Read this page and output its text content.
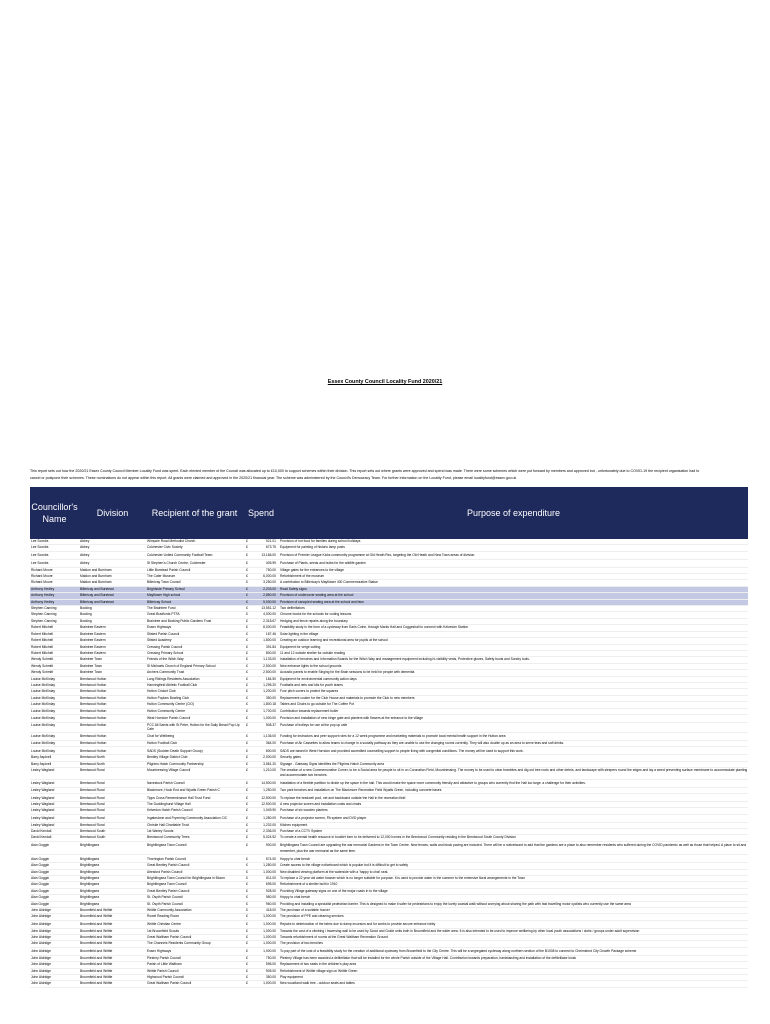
Essex County Council Locality Fund 2020/21
This report sets out how the 2020/21 Essex County Council Member Locality Fund was spent. Each elected member of the Council was allocated up to £10,000 to support schemes within their division. This report sets out where grants were approved and spend was made. There were some schemes which were put forward by members and approved but , unfortunately due to COVID-19 the recipient organisation had to
cancel or postpone their schemes. These nominations do not appear within this report. All grants were claimed and approved in the 2020/21 financial year. The scheme was administered by the Council's Democracy Team. For further information on the Locality Fund, please email localityfund@essex.gov.uk
Councillor's Name	Division	Recipient of the grant	Spend		Purpose of expenditure
Lee Scordis	Abbey	Wimpole Road Methodist Church	£	921.01	Provision of hot food for families during school holidays
Lee Scordis	Abbey	Colchester Civic Society	£	673.75	Equipment for painting of historic lamp posts

Lee Scordis	Abbey	Colchester United Community Football Team	£	13,166.00	Provision of Premier League Kicks community programme at Old Heath Rec, targeting the Old Heath and New Town areas of division.

Lee Scordis	Abbey	St Stephen's Church Centre, Colchester	£	405.99	Purchase of Plants, seeds and bulbs for the wildlife garden
Richard Moore	Maldon and Burnham	Little Burstead Parish Council	£	750.00	Village gates for the entrances to the village
Richard Moore	Maldon and Burnham	The Cater Museum	£	6,000.00	Refurbishment of the museum
Richard Moore	Maldon and Burnham	Billericay Town Council	£	3,250.00	A contribution to Billericay's Mayflower 400 Commemorative Statue
Anthony Hedley	Billericay and Burstead	Brightside Primary School	£	2,203.00	Road Safety signs
Anthony Hedley	Billericay and Burstead	Mayflower High school	£	2,850.00	Provision of undercover seating area at the school
Anthony Hedley	Billericay and Burstead	Billericay School	£	5,000.00	Provision of canopied seating area at the school and fans
Stephen Canning	Bocking	The Braintree Fund	£	13,551.12	Two defibrillators
Stephen Canning	Bocking	Great Bradfords PTFA	£	4,000.00	Chrome books for the schools for coding lessons
Stephen Canning	Bocking	Braintree and Bocking Public Gardens Trust	£	2,318.67	Hedging and fence repairs along the boundary
Robert Mitchell	Braintree Eastern	Essex Highways	£	8,000.00	Feasibility study in the form of a cycleway from Earls Colne, through Marks Hall and Coggeshall to connect with Kelvedon Station
Robert Mitchell	Braintree Eastern	Stisted Parish Council	£	187.46	Solar lighting in the village
Robert Mitchell	Braintree Eastern	Stisted Academy	£	1,800.00	Creating an outdoor learning and recreational area for pupils at the school
Robert Mitchell	Braintree Eastern	Cressing Parish Council	£	391.84	Equipment for verge cutting
Robert Mitchell	Braintree Eastern	Cressing Primary School	£	800.00	11 and 12 outside shelter for outside reading
Wendy Schmitt	Braintree Town	Friends of the Witch Way	£	1,133.00	Installation of benches and Information Boards for the Witch Way and management equipment including hi-visibility vests, Protective gloves, Safety boots and Sundry tools.
Wendy Schmitt	Braintree Town	St Michaels Church of England Primary School	£	2,500.00	New entrance lights to the school grounds
Wendy Schmitt	Braintree Town	Archers Community Trust	£	2,500.00	Acoustic panels to enable Singing for the Brain sessions to be held for people with dementia
Louise McKinlay	Brentwood Hutton	Long Ridings Residents Association	£	184.50	Equipment for environmental community action days
Louise McKinlay	Brentwood Hutton	Hanningfield Athletic Football Club	£	1,295.20	Footballs and nets and kits for youth teams
Louise McKinlay	Brentwood Hutton	Hutton Cricket Club	£	1,200.00	Four pitch covers to protect the squares
Louise McKinlay	Brentwood Hutton	Hutton Poplars Bowling Club	£	350.00	Replacement cooker for the Club House and materials to promote the Club to new members
Louise McKinlay	Brentwood Hutton	Hutton Community Centre (CIO)	£	1,800.18	Tables and Chairs to go outside for The Coffee Pot
Louise McKinlay	Brentwood Hutton	Hutton Community Centre	£	1,700.00	Contribution towards replacement boiler

Louise McKinlay	Brentwood Hutton	West Horndon Parish Council	£	1,000.00	Provision and installation of new hinge gate and planters with flowers at the entrance to the village
Louise McKinlay	Brentwood Hutton	PCC All Saints with St Peter, Hutton for the Daily Bread Pop Up Cafe	£	508.37	Purchase of trolleys for use at the pop up cafe

Louise McKinlay	Brentwood Hutton	Chat for Wellbeing	£	1,136.00	Funding for instructors and peer support roles for a 12 week programme and marketing materials to promote local mental health support in the Hutton area
Louise McKinlay	Brentwood Hutton	Hutton Football Club	£	364.00	Purchase of Air Cassettes to allow teams to change in a socially pathway as they are unable to use the changing rooms currently. They will also double up as an area to serve teas and soft drinks.

Louise McKinlay	Brentwood Hutton	SADS (Sudden Death Support Group)	£	600.00	SADS are based in West Horndon and provided accredited counselling support to people living with congenital conditions. The money will be used to support this work.
Barry Aspinell	Brentwood North	Bentley Village District Club	£	2,000.00	Security gates
Barry Aspinell	Brentwood North	Pilgrims Hatch Community Partnership	£	3,581.20	Signage - Gateway Signs identifies the Pilgrims Hatch Community area
Lesley Wagland	Brentwood Rural	Mountnessing Village Council	£	1,210.00	The creation of a new Commemorative Corner, to be a Social area for people to sit in on Coronation Field, Mountnessing. The money to be used to clear brambles and dig out tree roots and other debris, and landscape with sleepers round the edges and lay a weed preventing surface membrane to accommodate planting and accommodate two benches.

Lesley Wagland	Brentwood Rural	Navestock Parish Council	£	14,500.00	Installation of a flexible partition to divide up the space in the hall. This would make the space more community friendly and attractive to groups who currently find the Hall too large. a challenge for their activities.
Lesley Wagland	Brentwood Rural	Blackmore, Hook End and Wyatts Green Parish C	£	1,250.00	Two park benches and installation on The Blackmore Recreation Field Wyatts Green, including concrete bases

Lesley Wagland	Brentwood Rural	Tipps Cross Remembrance Hall Trust Fund	£	12,500.00	To replace the bradwell pool, net and backboard outside the Hall in the recreation field
Lesley Wagland	Brentwood Rural	The Doddinghurst Village Hall	£	12,500.00	A new projector screen and installation costs and chairs
Lesley Wagland	Brentwood Rural	Kelvedon Hatch Parish Council	£	1,049.90	Purchase of six wooden planters

Lesley Wagland	Brentwood Rural	Ingatestone and Fryerning Community Association CIC	£	1,280.00	Purchase of a projector screen, PA system and DVD player
Lesley Wagland	Brentwood Rural	Christie Hall Charitable Trust	£	1,232.00	Kitchen equipment
David Kendall	Brentwood South	1st Warley Scouts	£	2,336.00	Purchase of a CCTV System
David Kendall	Brentwood South	Brentwood Community Trees	£	5,024.52	To create a mental health resource in booklet form to be delivered to 12,000 homes in the Brentwood Community residing in the Brentwood South County Division

Alan Goggin	Brightlingsea	Brightlingsea Town Council	£	900.00	Brightlingsea Town Council are upgrading the war memorial Gardens in the Town Centre. New fences, walls and block paving are included. There will be a noticeboard to add that the gardens are a place to also remember residents who suffered during the COVID pandemic as well as those that helped. A place to sit and remember, plus the war memorial as the same time.

Alan Goggin	Brightlingsea	Thorrington Parish Council	£	574.00	Hoppy to chat bench
Alan Goggin	Brightlingsea	Great Bentley Parish Council	£	1,280.00	Create access to the village noticeboard which is popular but it is difficult to get to safely
Alan Goggin	Brightlingsea	Alresford Parish Council	£	1,000.00	New disabled viewing platform at the waterside with a 'happy to chat' seat.
Alan Goggin	Brightlingsea	Brightlingsea Town Council for Brightlingsea in Bloom	£	811.00	To replace a 22 year old water bowser which is no longer suitable for purpose. It is used to provide water in the summer to the extensive floral arrangements in the Town
Alan Goggin	Brightlingsea	Brightlingsea Town Council	£	695.00	Refurbishment of a shelter built in 1910
Alan Goggin	Brightlingsea	Great Bentley Parish Council	£	928.00	Providing Village gateway signs on one of the major roads in to the village
Alan Goggin	Brightlingsea	St. Osyth Parish Council	£	980.00	Hoppy to chat bench
Alan Goggin	Brightlingsea	St. Osyth Parish Council	£	960.00	Providing and installing a specialist pedestrian barrier. This is designed to make it safer for pedestrians to enjoy the lovely coastal walk without worrying about sharing the path with fast travelling motor cyclists who currently use the same area
John Aldridge	Broomfield and Writtle	Writtle Community Association	£	418.00	The purchase of a suitable hoover
John Aldridge	Broomfield and Writtle	Rowel Reading Room	£	1,000.00	The provision of PPE and cleaning services

John Aldridge	Broomfield and Writtle	Writtle Christian Centre	£	1,000.00	Repairs to deterioration of the fabric due to damp incursion and for works to provide secure entrance lobby
John Aldridge	Broomfield and Writtle	1st Broomfield Scouts	£	1,000.00	Towards the cost of a climbing / traversing wall to be used by Scout and Guide units both in Broomfield and the wider area. It is also intended to be used to improve wellbeing by other local youth associations / clubs / groups under adult supervision
John Aldridge	Broomfield and Writtle	Great Waltham Parish Council	£	1,000.00	Towards refurbishment of rooms at the Great Waltham Recreation Ground
John Aldridge	Broomfield and Writtle	The Channels Residents Community Group	£	1,000.00	The provision of two benches

John Aldridge	Broomfield and Writtle	Essex Highways	£	1,000.00	To pay part of the cost of a feasibility study for the creation of additional cycleway from Broomfield to the City Centre. This will be a segregated cycleway along northern section of the B1008 to connect to Chelmsford City Growth Package scheme
John Aldridge	Broomfield and Writtle	Pleshey Parish Council	£	750.00	Pleshey Village has been awarded a defibrillator that will be installed for the whole Parish outside of the Village Hall. Contribution towards preparation, hardstanding and installation of the defibrillator kiosk
John Aldridge	Broomfield and Writtle	Parish of Little Waltham	£	596.00	Replacement of two seats in the children's play area
John Aldridge	Broomfield and Writtle	Writtle Parish Council	£	905.00	Refurbishment of Writtle village sign on Writtle Green
John Aldridge	Broomfield and Writtle	Highwood Parish Council	£	350.00	Play equipment
John Aldridge	Broomfield and Writtle	Great Waltham Parish Council	£	1,000.00	New woodland walk tree - outdoor seats and tables
